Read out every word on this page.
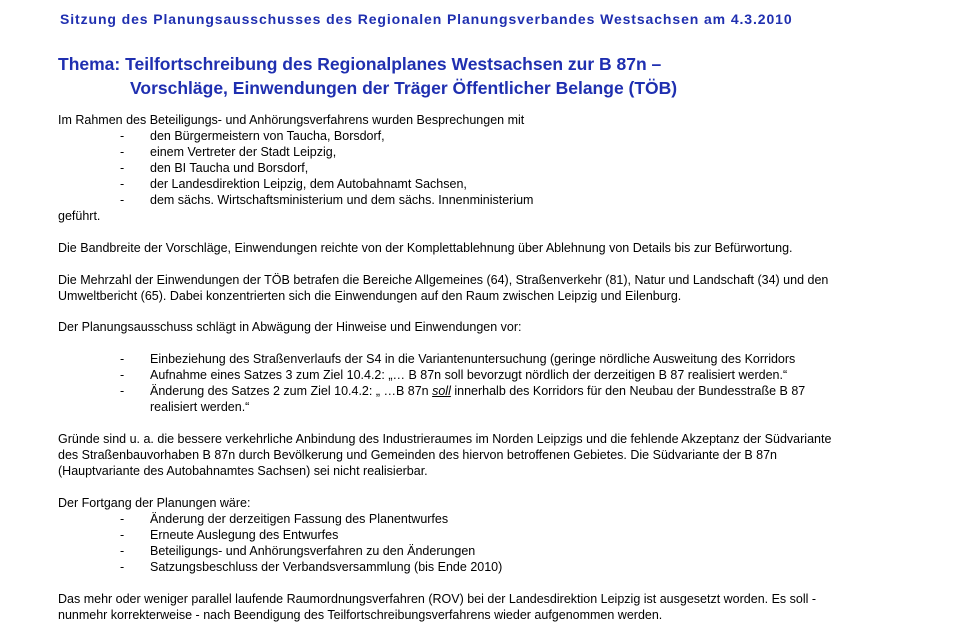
Sitzung des Planungsausschusses des Regionalen Planungsverbandes Westsachsen am 4.3.2010
Thema: Teilfortschreibung des Regionalplanes Westsachsen zur B 87n –
Vorschläge, Einwendungen der Träger Öffentlicher Belange (TÖB)
Im Rahmen des Beteiligungs- und Anhörungsverfahrens wurden Besprechungen mit
-	den Bürgermeistern von Taucha, Borsdorf,
-	einem Vertreter der Stadt Leipzig,
-	den BI Taucha und Borsdorf,
-	der Landesdirektion Leipzig, dem Autobahnamt Sachsen,
-	dem sächs. Wirtschaftsministerium und dem sächs. Innenministerium
geführt.
Die Bandbreite der Vorschläge, Einwendungen reichte von der Komplettablehnung über Ablehnung von Details bis zur Befürwortung.
Die Mehrzahl der Einwendungen der TÖB betrafen die Bereiche Allgemeines (64), Straßenverkehr (81), Natur und Landschaft (34) und den
Umweltbericht (65). Dabei konzentrierten sich die Einwendungen auf den Raum zwischen Leipzig und Eilenburg.
Der Planungsausschuss schlägt in Abwägung der Hinweise und Einwendungen vor:
-	Einbeziehung des Straßenverlaufs der S4 in die Variantenuntersuchung (geringe nördliche Ausweitung des Korridors
-	Aufnahme eines Satzes 3 zum Ziel 10.4.2: „… B 87n soll bevorzugt nördlich der derzeitigen B 87 realisiert werden.“
-	Änderung des Satzes 2 zum Ziel 10.4.2: „ …B 87n soll innerhalb des Korridors für den Neubau der Bundesstraße B 87
realisiert werden.“
Gründe sind u. a. die bessere verkehrliche Anbindung des Industrieraumes im Norden Leipzigs und die fehlende Akzeptanz der Südvariante
des Straßenbauvorhaben B 87n durch Bevölkerung und Gemeinden des hiervon betroffenen Gebietes. Die Südvariante der B 87n
(Hauptvariante des Autobahnamtes Sachsen) sei nicht realisierbar.
Der Fortgang der Planungen wäre:
-	Änderung der derzeitigen Fassung des Planentwurfes
-	Erneute Auslegung des Entwurfes
-	Beteiligungs- und Anhörungsverfahren zu den Änderungen
-	Satzungsbeschluss der Verbandsversammlung (bis Ende 2010)
Das mehr oder weniger parallel laufende Raumordnungsverfahren (ROV) bei der Landesdirektion Leipzig ist ausgesetzt worden. Es soll -
nunmehr korrekterweise - nach Beendigung des Teilfortschreibungsverfahrens wieder aufgenommen werden.
